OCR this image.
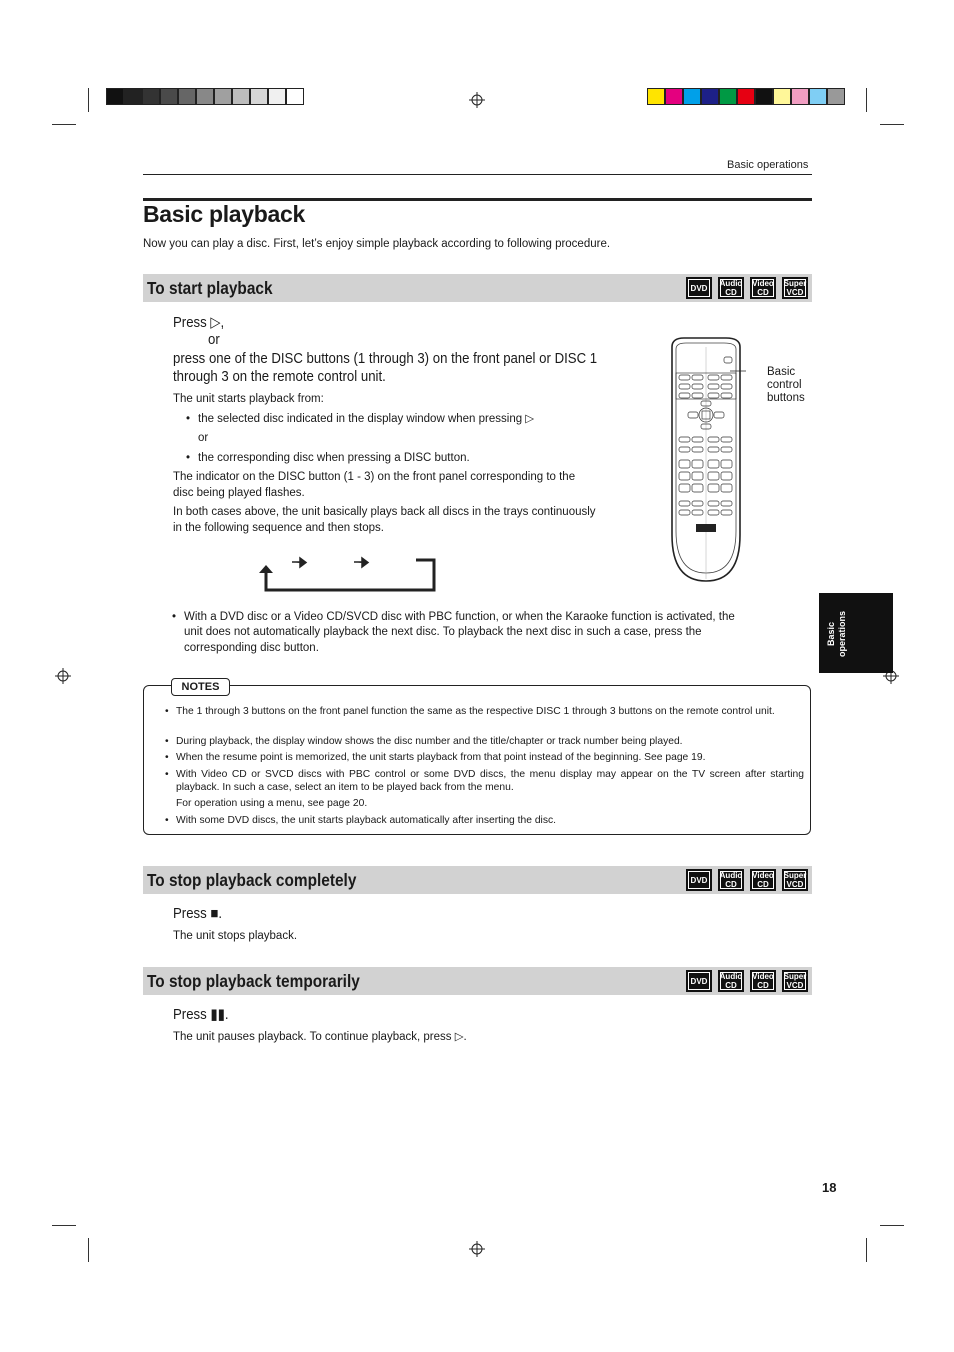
Basic operations
Basic playback
Now you can play a disc. First, let’s enjoy simple playback according to following procedure.
To start playback	DVD	Audio
CD
Video
CD
Super
VCD
Press ▷,
or
press one of the DISC buttons (1 through 3) on the front panel or DISC 1
through 3 on the remote control unit.
The unit starts playback from:
• the selected disc indicated in the display window when pressing ▷
or
• the corresponding disc when pressing a DISC button.
The indicator on the DISC button (1 - 3) on the front panel corresponding to the
disc being played flashes.
In both cases above, the unit basically plays back all discs in the trays continuously
in the following sequence and then stops.
Basic
control
buttons
• With a DVD disc or a Video CD/SVCD disc with PBC function, or when the Karaoke function is activated, the
unit does not automatically playback the next disc. To playback the next disc in such a case, press the
corresponding disc button.
Basic operations
NOTES
• The 1 through 3 buttons on the front panel function the same as the respective DISC 1 through 3 buttons on the remote control unit.
• During playback, the display window shows the disc number and the title/chapter or track number being played.
• When the resume point is memorized, the unit starts playback from that point instead of the beginning. See page 19.
• With Video CD or SVCD discs with PBC control or some DVD discs, the menu display may appear on the TV screen after starting playback. In such a case, select an item to be played back from the menu.
For operation using a menu, see page 20.
• With some DVD discs, the unit starts playback automatically after inserting the disc.
To stop playback completely	DVD	Audio
CD
Video
CD
Super
VCD
Press ■.
The unit stops playback.
To stop playback temporarily	DVD	Audio
CD
Video
CD
Super
VCD
Press ▮▮.
The unit pauses playback. To continue playback, press ▷.
18
